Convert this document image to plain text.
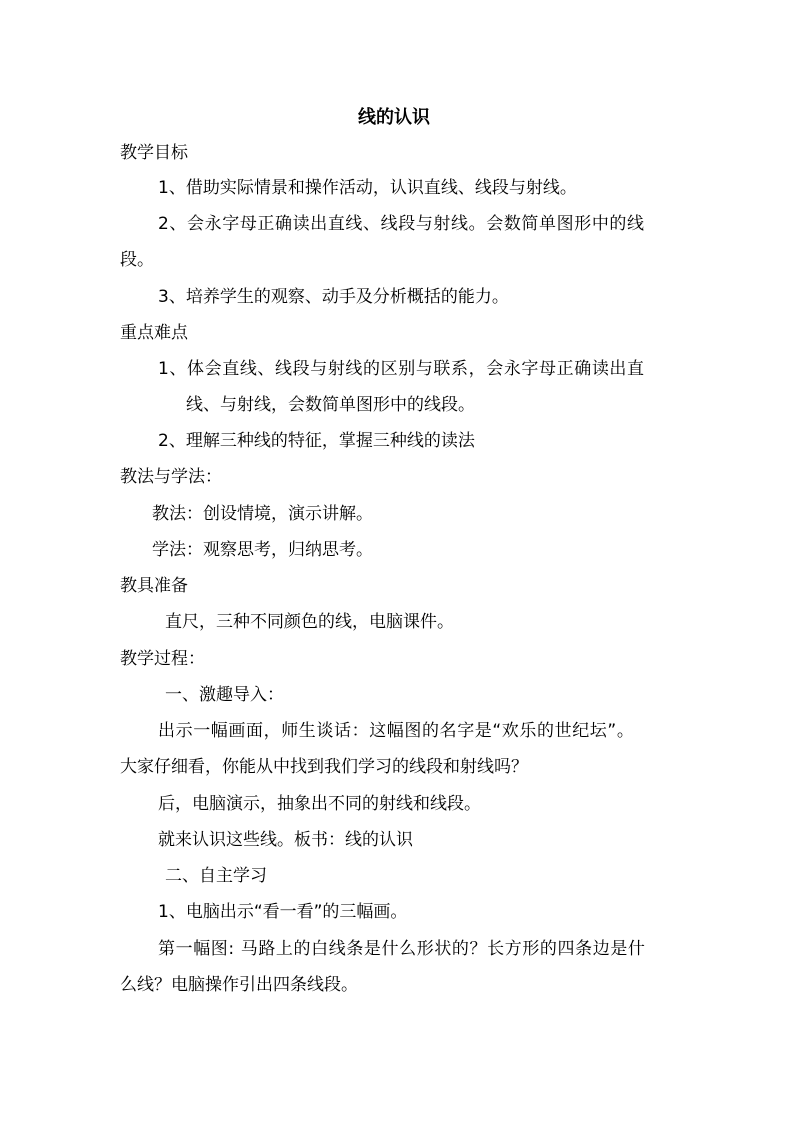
线的认识
教学目标
1、借助实际情景和操作活动，认识直线、线段与射线。
2、会永字母正确读出直线、线段与射线。会数简单图形中的线
段。
3、培养学生的观察、动手及分析概括的能力。
重点难点
1、体会直线、线段与射线的区别与联系，会永字母正确读出直
线、与射线，会数简单图形中的线段。
2、理解三种线的特征，掌握三种线的读法
教法与学法：
教法：创设情境，演示讲解。
学法：观察思考，归纳思考。
教具准备
直尺，三种不同颜色的线，电脑课件。
教学过程：
一、激趣导入：
出示一幅画面，师生谈话：这幅图的名字是“欢乐的世纪坛”。
大家仔细看，你能从中找到我们学习的线段和射线吗？
后，电脑演示，抽象出不同的射线和线段。
就来认识这些线。板书：线的认识
二、自主学习
1、电脑出示“看一看”的三幅画。
第一幅图: 马路上的白线条是什么形状的？长方形的四条边是什
么线？电脑操作引出四条线段。
